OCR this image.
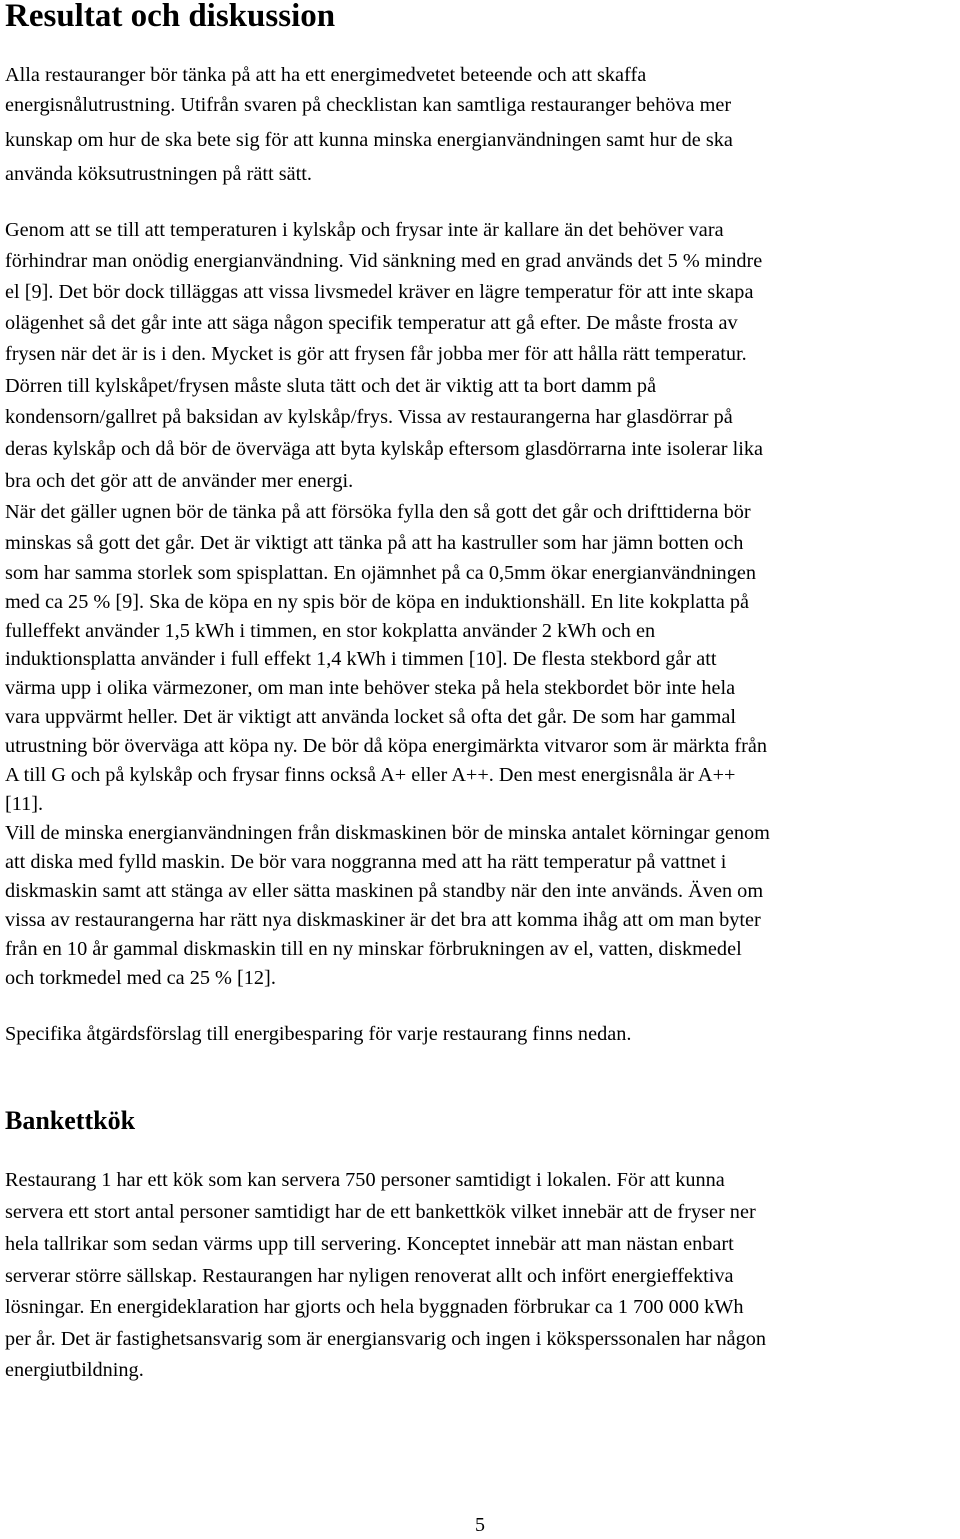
Resultat och diskussion

Alla restauranger bör tänka på att ha ett energimedvetet beteende och att skaffa

energisnålutrustning. Utifrån svaren på checklistan kan samtliga restauranger behöva mer

kunskap om hur de ska bete sig för att kunna minska energianvändningen samt hur de ska

använda köksutrustningen på rätt sätt.

Genom att se till att temperaturen i kylskåp och frysar inte är kallare än det behöver vara

förhindrar man onödig energianvändning. Vid sänkning med en grad används det 5 % mindre

el [9]. Det bör dock tilläggas att vissa livsmedel kräver en lägre temperatur för att inte skapa

olägenhet så det går inte att säga någon specifik temperatur att gå efter. De måste frosta av

frysen när det är is i den. Mycket is gör att frysen får jobba mer för att hålla rätt temperatur.

Dörren till kylskåpet/frysen måste sluta tätt och det är viktig att ta bort damm på

kondensorn/gallret på baksidan av kylskåp/frys. Vissa av restaurangerna har glasdörrar på

deras kylskåp och då bör de överväga att byta kylskåp eftersom glasdörrarna inte isolerar lika

bra och det gör att de använder mer energi.

När det gäller ugnen bör de tänka på att försöka fylla den så gott det går och drifttiderna bör

minskas så gott det går. Det är viktigt att tänka på att ha kastruller som har jämn botten och

som har samma storlek som spisplattan. En ojämnhet på ca 0,5mm ökar energianvändningen

med ca 25 % [9]. Ska de köpa en ny spis bör de köpa en induktionshäll. En lite kokplatta på

fulleffekt använder 1,5 kWh i timmen, en stor kokplatta använder 2 kWh och en

induktionsplatta använder i full effekt 1,4 kWh i timmen [10]. De flesta stekbord går att

värma upp i olika värmezoner, om man inte behöver steka på hela stekbordet bör inte hela

vara uppvärmt heller. Det är viktigt att använda locket så ofta det går. De som har gammal

utrustning bör överväga att köpa ny. De bör då köpa energimärkta vitvaror som är märkta från

A till G och på kylskåp och frysar finns också A+ eller A++. Den mest energisnåla är A++

[11].

Vill de minska energianvändningen från diskmaskinen bör de minska antalet körningar genom

att diska med fylld maskin. De bör vara noggranna med att ha rätt temperatur på vattnet i

diskmaskin samt att stänga av eller sätta maskinen på standby när den inte används. Även om

vissa av restaurangerna har rätt nya diskmaskiner är det bra att komma ihåg att om man byter

från en 10 år gammal diskmaskin till en ny minskar förbrukningen av el, vatten, diskmedel

och torkmedel med ca 25 % [12].

Specifika åtgärdsförslag till energibesparing för varje restaurang finns nedan.

Bankettkök

Restaurang 1 har ett kök som kan servera 750 personer samtidigt i lokalen. För att kunna

servera ett stort antal personer samtidigt har de ett bankettkök vilket innebär att de fryser ner

hela tallrikar som sedan värms upp till servering. Konceptet innebär att man nästan enbart

serverar större sällskap. Restaurangen har nyligen renoverat allt och infört energieffektiva

lösningar. En energideklaration har gjorts och hela byggnaden förbrukar ca 1 700 000 kWh

per år. Det är fastighetsansvarig som är energiansvarig och ingen i köksperssonalen har någon

energiutbildning.

5
